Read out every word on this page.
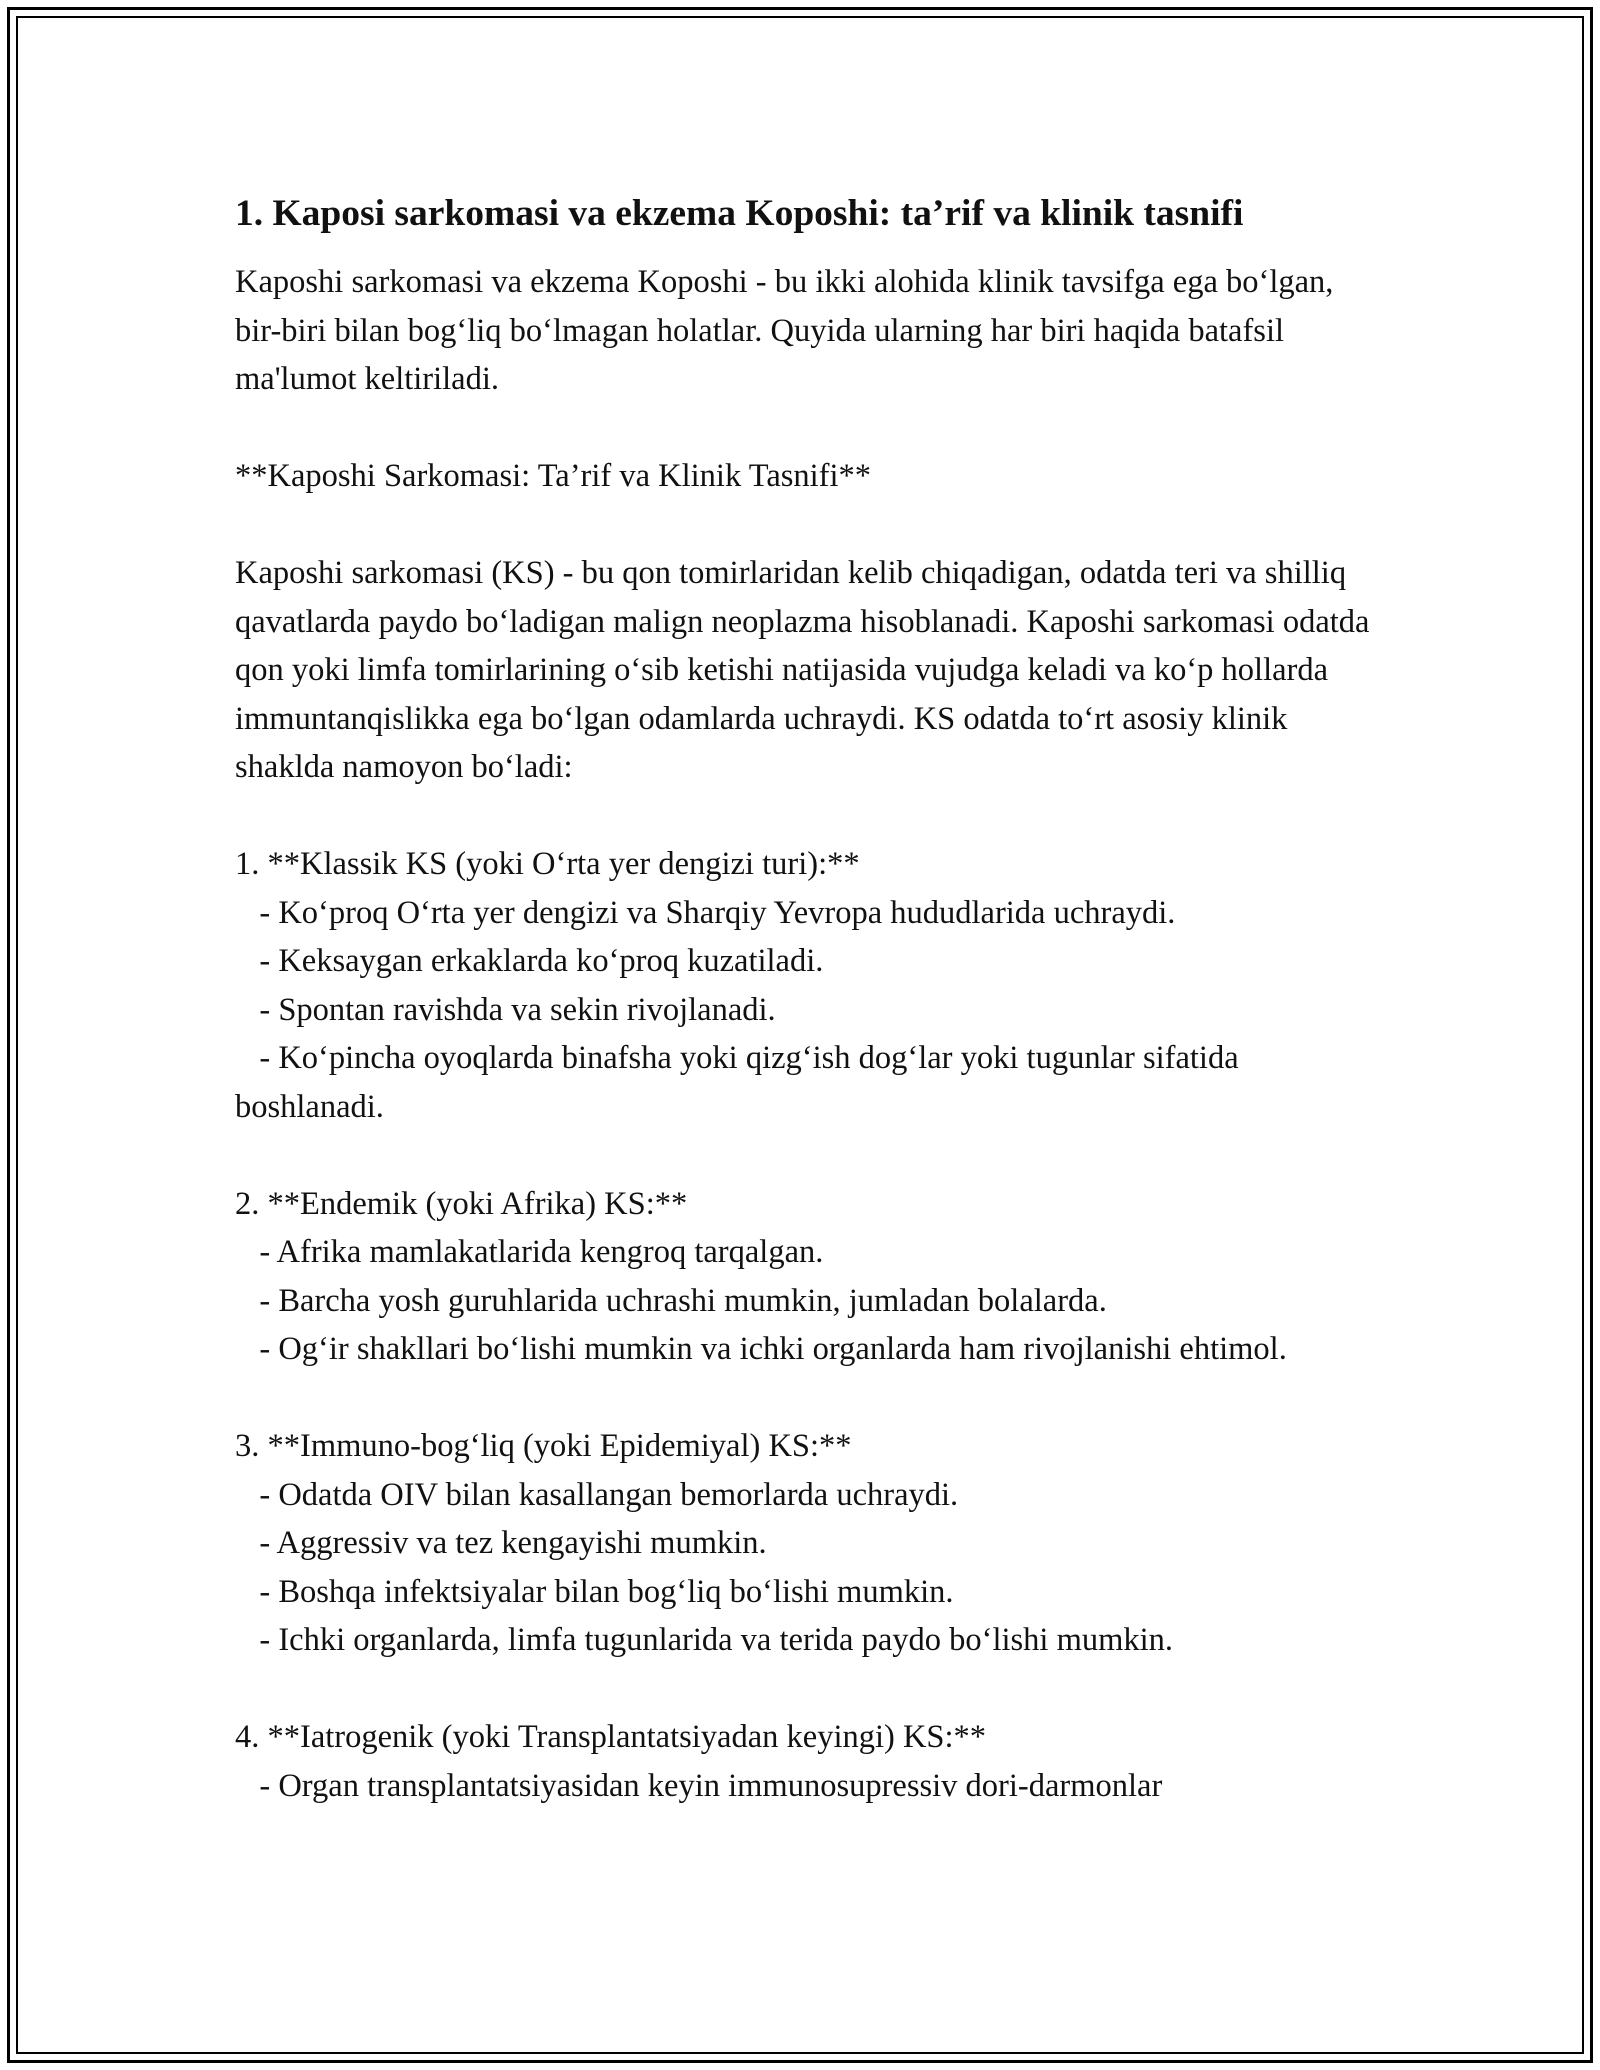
1. Kaposi sarkomasi va ekzema Koposhi: ta’rif va klinik tasnifi

Kaposhi sarkomasi va ekzema Koposhi - bu ikki alohida klinik tavsifga ega bo‘lgan, bir-biri bilan bog‘liq bo‘lmagan holatlar. Quyida ularning har biri haqida batafsil ma'lumot keltiriladi.

**Kaposhi Sarkomasi: Ta’rif va Klinik Tasnifi**

Kaposhi sarkomasi (KS) - bu qon tomirlaridan kelib chiqadigan, odatda teri va shilliq qavatlarda paydo bo‘ladigan malign neoplazma hisoblanadi. Kaposhi sarkomasi odatda qon yoki limfa tomirlarining o‘sib ketishi natijasida vujudga keladi va ko‘p hollarda immuntanqislikka ega bo‘lgan odamlarda uchraydi. KS odatda to‘rt asosiy klinik shaklda namoyon bo‘ladi:

1. **Klassik KS (yoki O‘rta yer dengizi turi):**

- Ko‘proq O‘rta yer dengizi va Sharqiy Yevropa hududlarida uchraydi.

- Keksaygan erkaklarda ko‘proq kuzatiladi.

- Spontan ravishda va sekin rivojlanadi.

- Ko‘pincha oyoqlarda binafsha yoki qizg‘ish dog‘lar yoki tugunlar sifatida boshlanadi.

2. **Endemik (yoki Afrika) KS:**

- Afrika mamlakatlarida kengroq tarqalgan.

- Barcha yosh guruhlarida uchrashi mumkin, jumladan bolalarda.

- Og‘ir shakllari bo‘lishi mumkin va ichki organlarda ham rivojlanishi ehtimol.

3. **Immuno-bog‘liq (yoki Epidemiyal) KS:**

- Odatda OIV bilan kasallangan bemorlarda uchraydi.

- Aggressiv va tez kengayishi mumkin.

- Boshqa infektsiyalar bilan bog‘liq bo‘lishi mumkin.

- Ichki organlarda, limfa tugunlarida va terida paydo bo‘lishi mumkin.

4. **Iatrogenik (yoki Transplantatsiyadan keyingi) KS:**

- Organ transplantatsiyasidan keyin immunosupressiv dori-darmonlar
